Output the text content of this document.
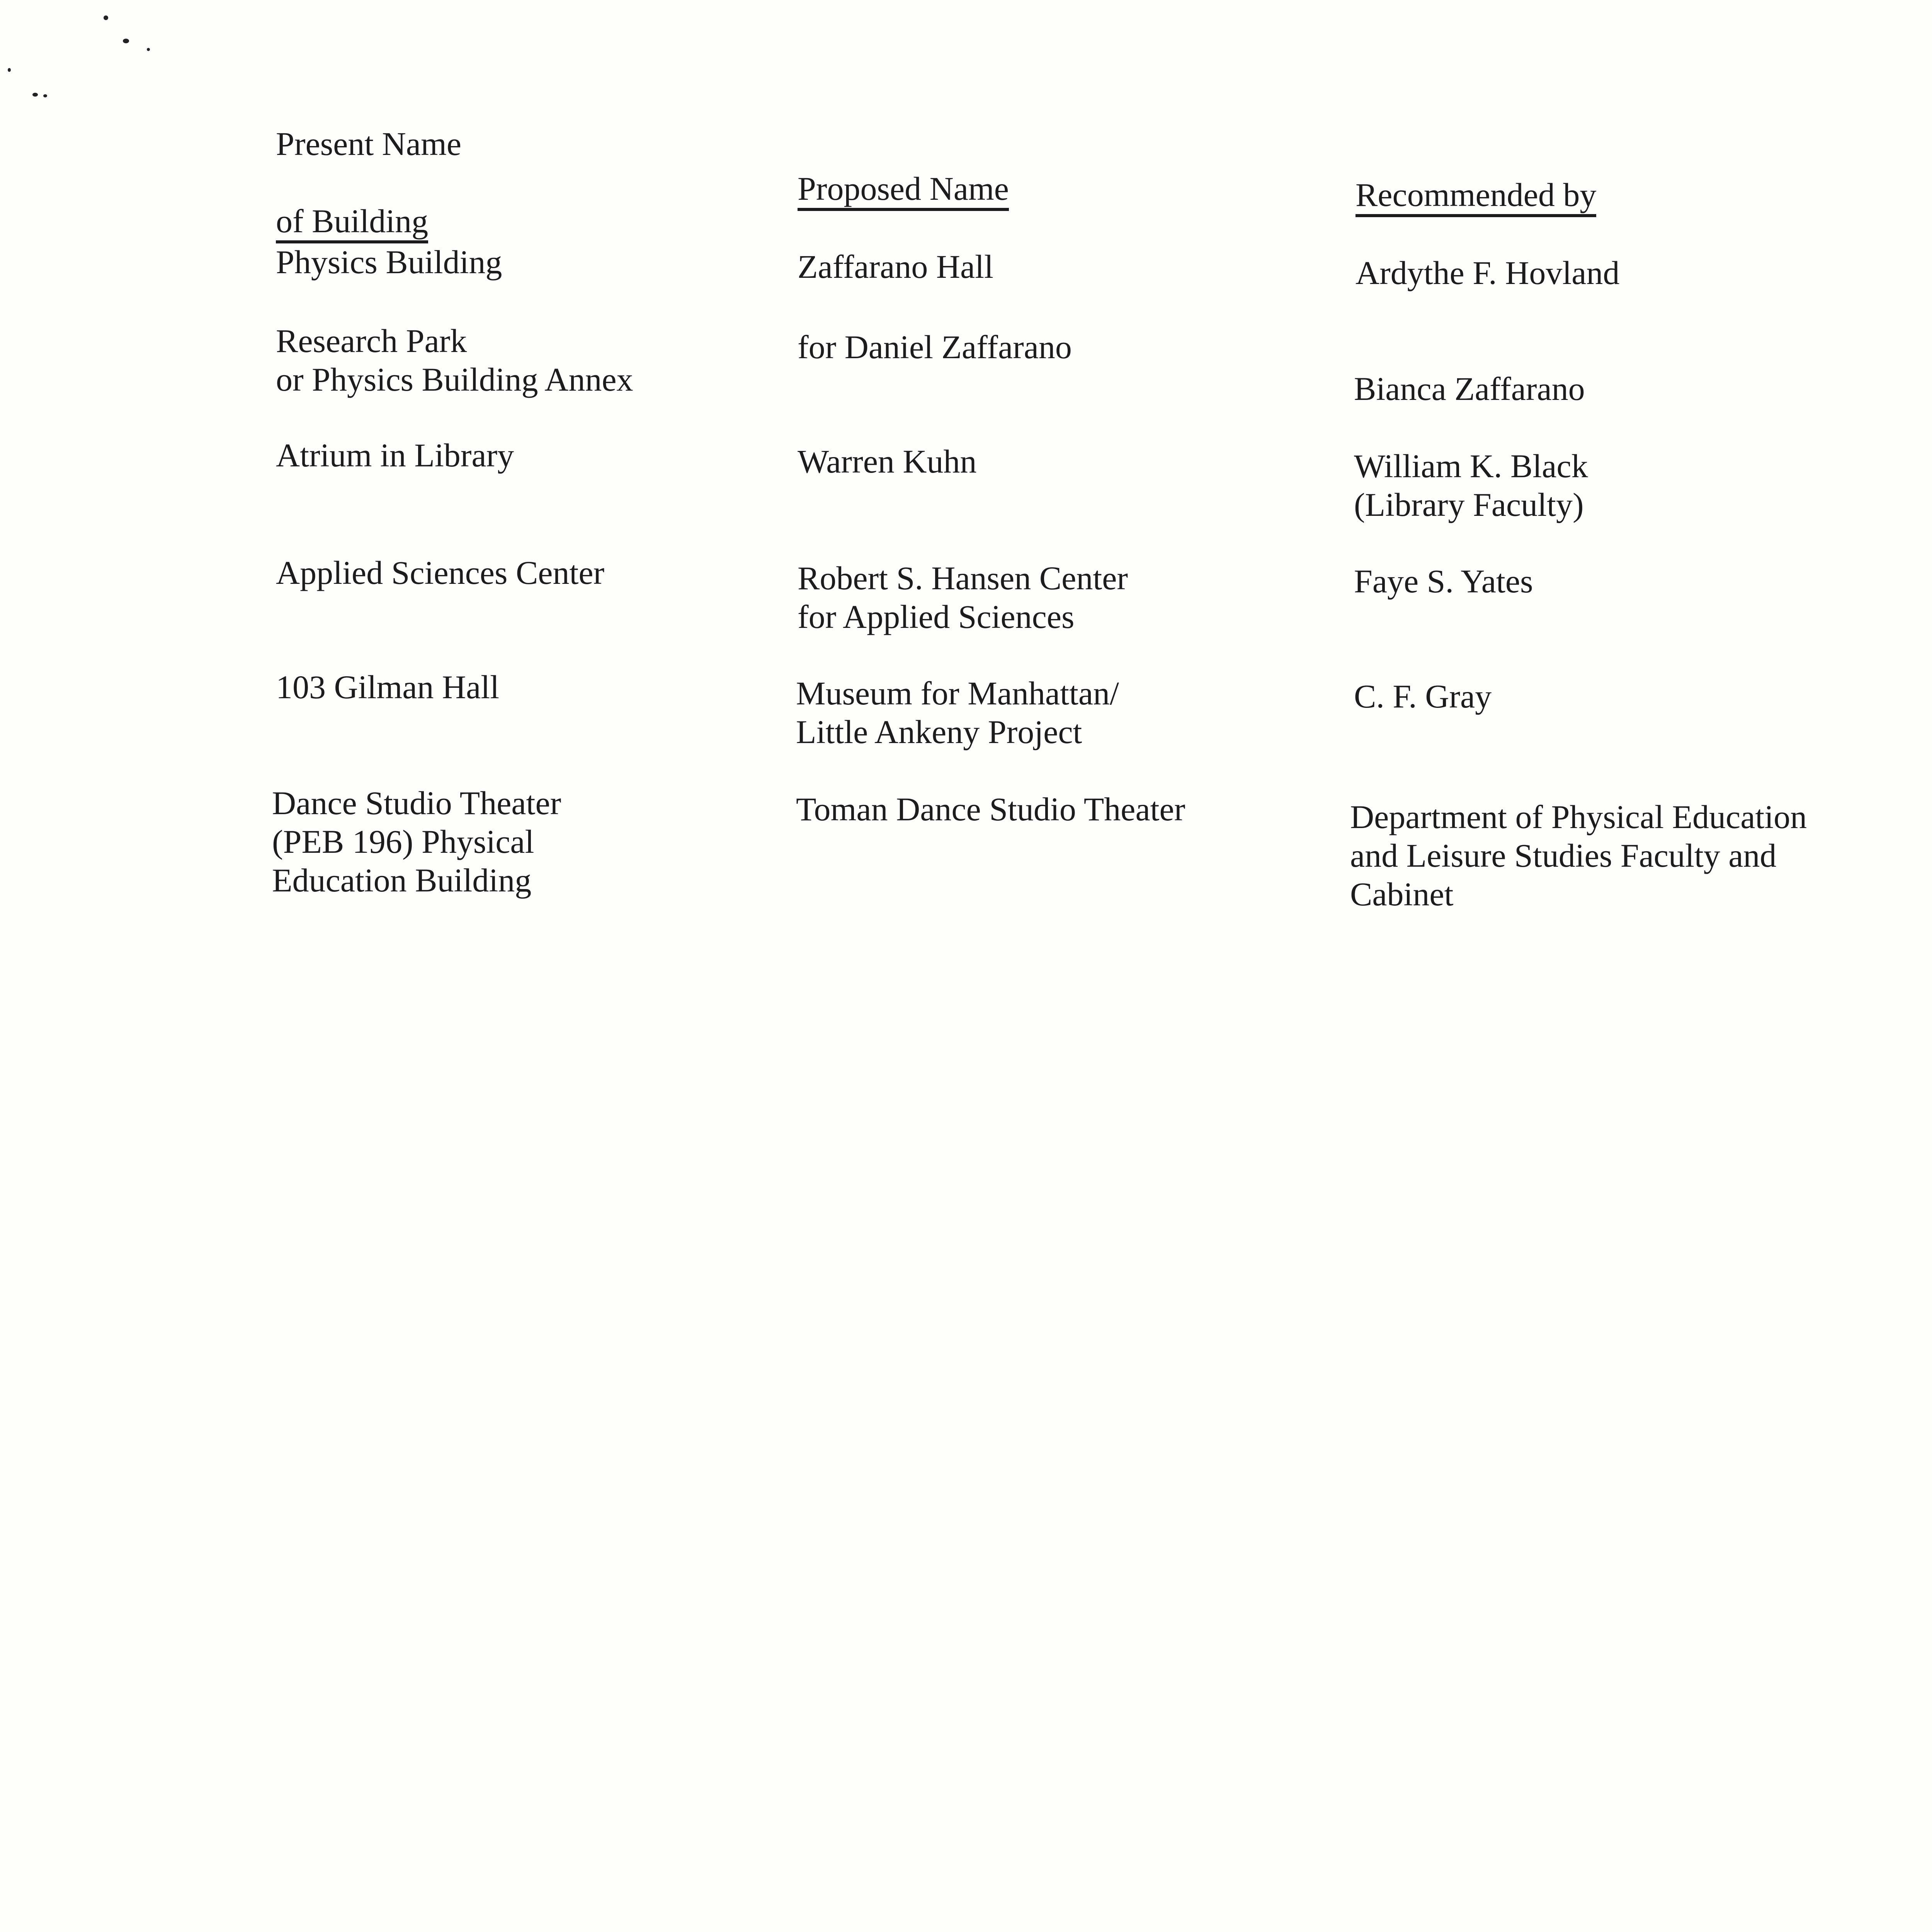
Present Name

of Building

Physics Building
Research Park
or Physics Building Annex
Atrium in Library
Applied Sciences Center
103 Gilman Hall
Dance Studio Theater
(PEB 196) Physical
Education Building

Proposed Name

Zaffarano Hall
for Daniel Zaffarano
Warren Kuhn
Robert S. Hansen Center
for Applied Sciences
Museum for Manhattan/
Little Ankeny Project
Toman Dance Studio Theater

Recommended by

Ardythe F. Hovland
Bianca Zaffarano
William K. Black
(Library Faculty)
Faye S. Yates
C. F. Gray
Department of Physical Education
and Leisure Studies Faculty and
Cabinet
